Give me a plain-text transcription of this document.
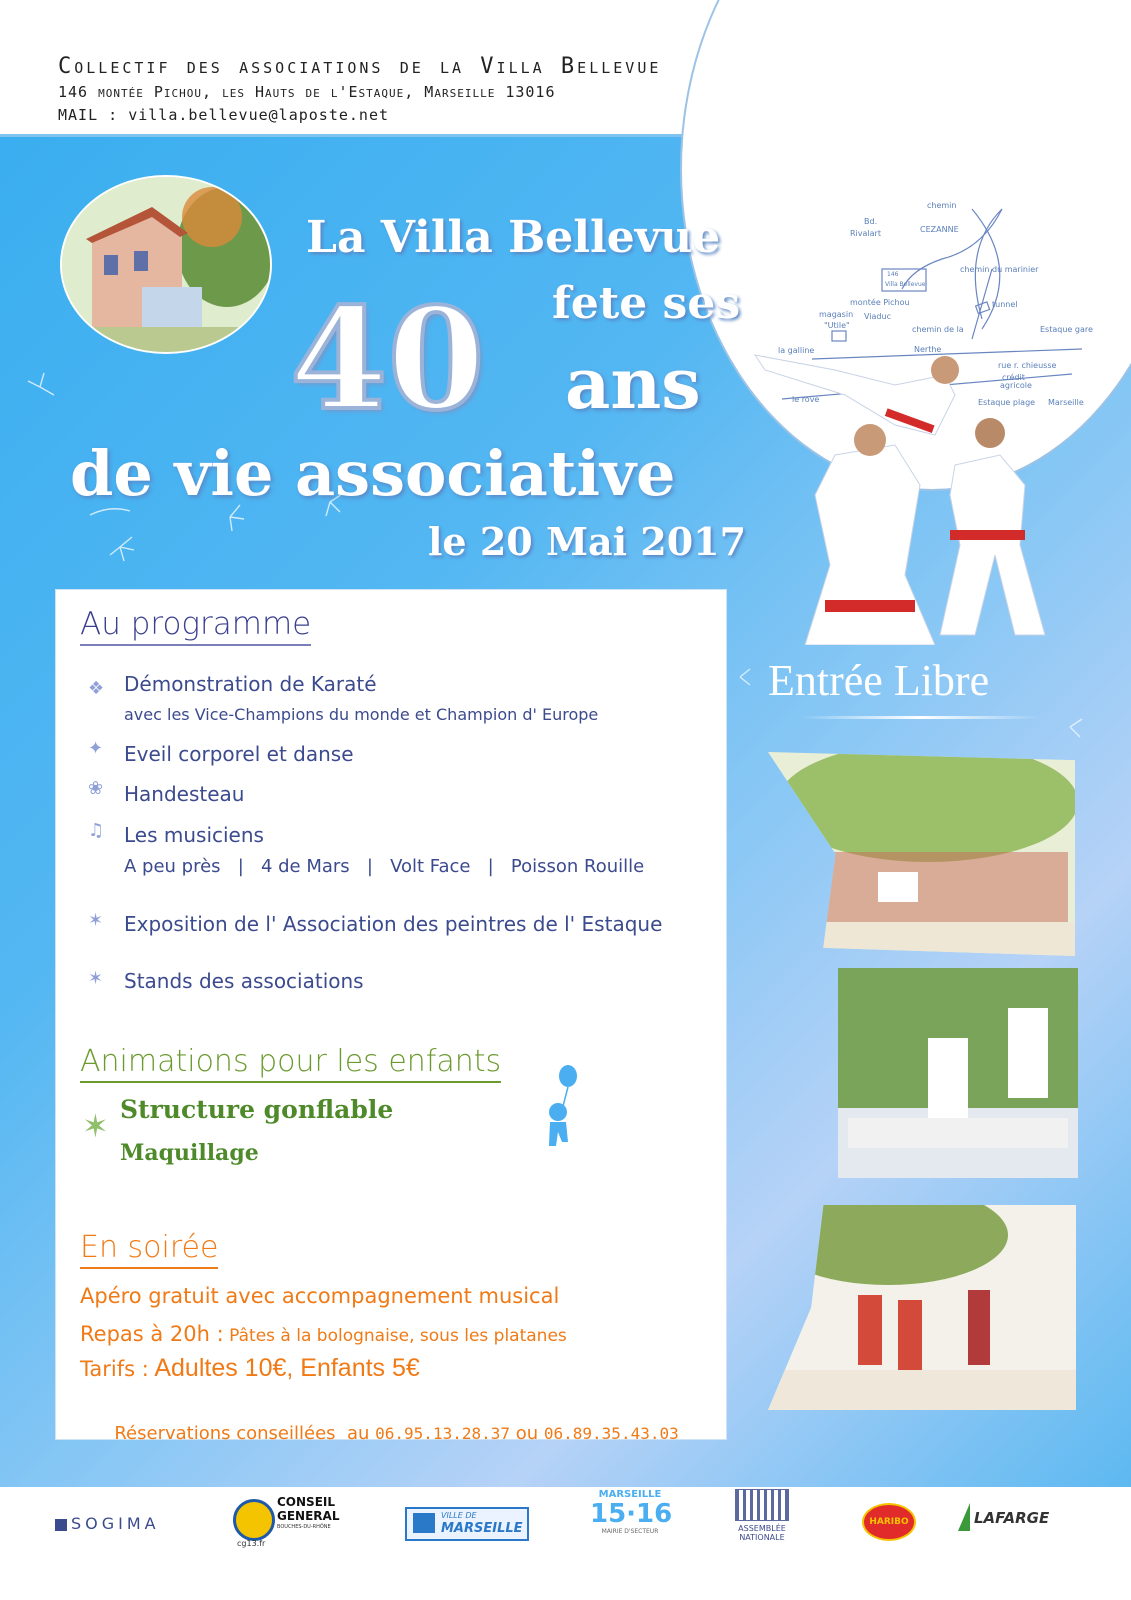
Collectif des associations de la Villa Bellevue
146 montée Pichou, les Hauts de l'Estaque, Marseille 13016
MAIL : villa.bellevue@laposte.net
chemin
Bd.
Rivalart	CEZANNE
chemin du marinier
146
Villa Bellevue
montée Pichou
magasin
"Utile"
Viaduc
tunnel
chemin de la
Nerthe
Estaque gare
la galline
rue r. chieusse
crédit
agricole
le rove	Estaque plage Marseille
La Villa Bellevue
fete ses
40 ans
de vie associative
le 20 Mai 2017
Entrée Libre
Au programme
❖ Démonstration de Karaté
avec les Vice-Champions du monde et Champion d' Europe
✦ Eveil corporel et danse
❀ Handesteau
♫ Les musiciens
A peu près   |   4 de Mars   |   Volt Face   |   Poisson Rouille
✶ Exposition de l' Association des peintres de l' Estaque
✶ Stands des associations
Animations pour les enfants
✶ Structure gonflable
Maquillage
En soirée
Apéro gratuit avec accompagnement musical
Repas à 20h : Pâtes à la bolognaise, sous les platanes
Tarifs : Adultes 10€, Enfants 5€

Réservations conseillées  au 06.95.13.28.37 ou 06.89.35.43.03

SOGIMA
CONSEIL
GENERAL
BOUCHES-DU-RHÔNE
cg13.fr
VILLE DE
MARSEILLE
MARSEILLE
15·16
MAIRIE D'SECTEUR	ASSEMBLÉE
NATIONALE
HARIBO	LAFARGE
